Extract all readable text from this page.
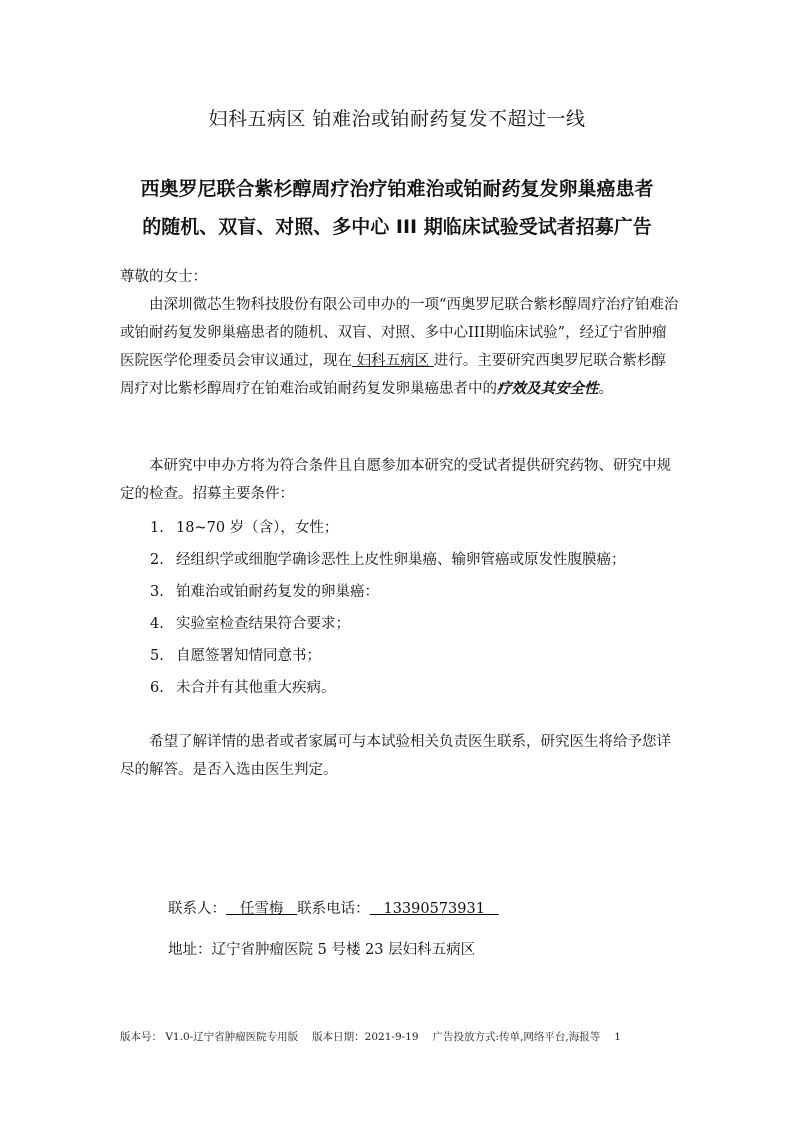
妇科五病区 铂难治或铂耐药复发不超过一线
西奥罗尼联合紫杉醇周疗治疗铂难治或铂耐药复发卵巢癌患者
的随机、双盲、对照、多中心 III 期临床试验受试者招募广告
尊敬的女士：

由深圳微芯生物科技股份有限公司申办的一项“西奥罗尼联合紫杉醇周疗治疗铂难治或铂耐药复发卵巢癌患者的随机、双盲、对照、多中心III期临床试验”，经辽宁省肿瘤医院医学伦理委员会审议通过，现在 妇科五病区 进行。主要研究西奥罗尼联合紫杉醇周疗对比紫杉醇周疗在铂难治或铂耐药复发卵巢癌患者中的疗效及其安全性。

本研究中申办方将为符合条件且自愿参加本研究的受试者提供研究药物、研究中规定的检查。招募主要条件：

1. 18~70 岁（含），女性；
2. 经组织学或细胞学确诊恶性上皮性卵巢癌、输卵管癌或原发性腹膜癌；
3. 铂难治或铂耐药复发的卵巢癌：
4. 实验室检查结果符合要求；
5. 自愿签署知情同意书；
6. 未合并有其他重大疾病。

希望了解详情的患者或者家属可与本试验相关负责医生联系，研究医生将给予您详尽的解答。是否入选由医生判定。

联系人：   任雪梅   联系电话：   13390573931
地址：辽宁省肿瘤医院 5 号楼 23 层妇科五病区
版本号： V1.0-辽宁省肿瘤医院专用版 版本日期：2021-9-19 广告投放方式:传单,网络平台,海报等 1
